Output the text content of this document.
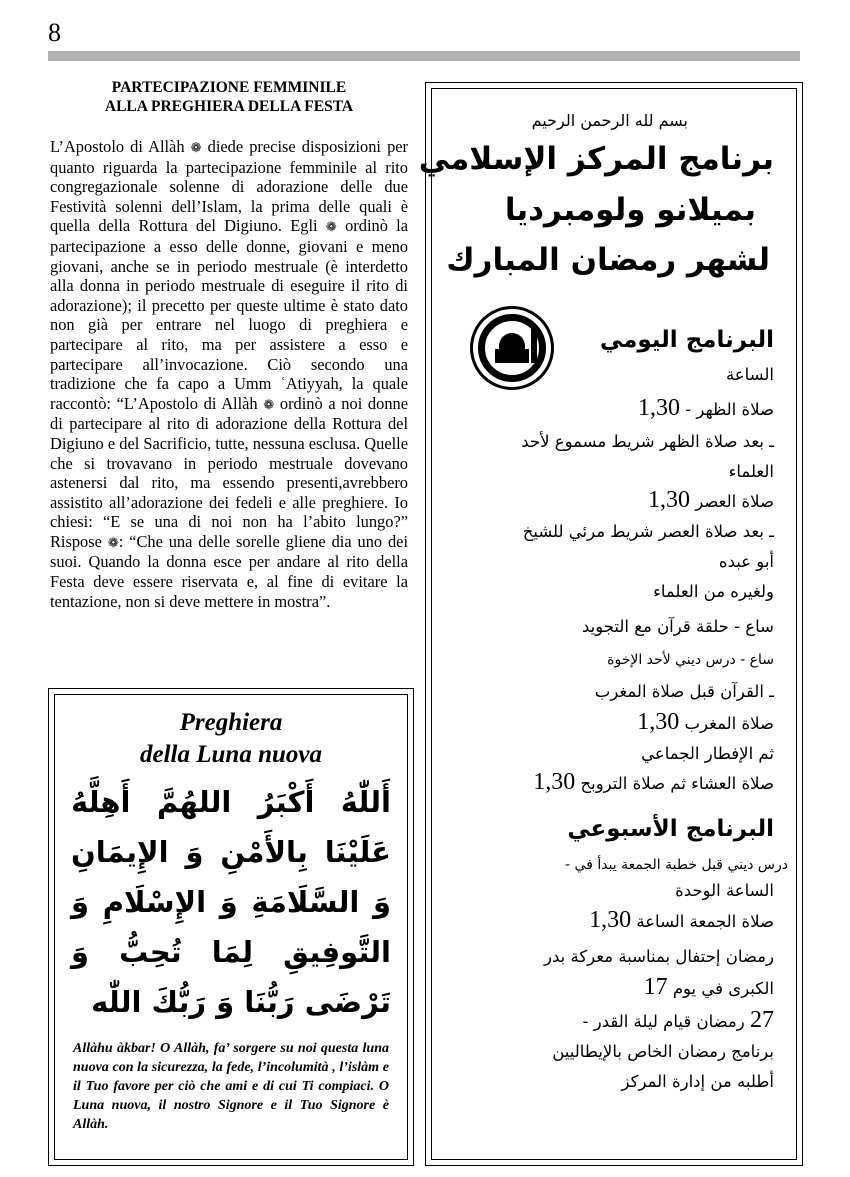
8
PARTECIPAZIONE FEMMINILE
ALLA PREGHIERA DELLA FESTA

L’Apostolo di Allàh ❁ diede precise disposizioni per quanto riguarda la partecipazione femminile al rito congregazionale solenne di adorazione delle due Festività solenni dell’Islam, la prima delle quali è quella della Rottura del Digiuno. Egli ❁ ordinò la partecipazione a esso delle donne, giovani e meno giovani, anche se in periodo mestruale (è interdetto alla donna in periodo mestruale di eseguire il rito di adorazione); il precetto per queste ultime è stato dato non già per entrare nel luogo di preghiera e partecipare al rito, ma per assistere a esso e partecipare all’invocazione. Ciò secondo una tradizione che fa capo a Umm ʿAtiyyah, la quale raccontò: “L’Apostolo di Allàh ❁ ordinò a noi donne di partecipare al rito di adorazione della Rottura del Digiuno e del Sacrificio, tutte, nessuna esclusa. Quelle che si trovavano in periodo mestruale dovevano astenersi dal rito, ma essendo presenti,avrebbero assistito all’adorazione dei fedeli e alle preghiere. Io chiesi: “E se una di noi non ha l’abito lungo?” Rispose ❁: “Che una delle sorelle gliene dia uno dei suoi. Quando la donna esce per andare al rito della Festa deve essere riservata e, al fine di evitare la tentazione, non si deve mettere in mostra”.

Preghiera
della Luna nuova
أَللّٰهُ أَكْبَرُ اللهُمَّ أَهِلَّهُ عَلَيْنَا بِالأَمْنِ وَ الإِيمَانِ وَ السَّلَامَةِ وَ الإِسْلَامِ وَ التَّوفِيقِ لِمَا تُحِبُّ وَ تَرْضَى رَبُّنَا وَ رَبُّكَ اللّٰه
Allàhu àkbar! O Allàh, fa’ sorgere su noi questa luna nuova con la sicurezza, la fede, l’incolumità , l’islàm e il Tuo favore per ciò che ami e di cui Ti compiaci. O Luna nuova, il nostro Signore e il Tuo Signore è Allàh.
بسم لله الرحمن الرحيم
برنامج المركز الإسلامي
بميلانو ولومبرديا
لشهر رمضان المبارك
البرنامج اليومي
الساعة
صلاة الظهر - 1,30
ـ بعد صلاة الظهر شريط مسموع لأحد
العلماء
صلاة العصر 1,30
ـ بعد صلاة العصر شريط مرئي للشيخ
أبو عبده
ولغيره من العلماء
ساع - حلقة قرآن مع التجويد
ساع - درس ديني لأحد الإخوة
ـ القرآن قبل صلاة المغرب
صلاة المغرب 1,30
ثم الإفطار الجماعي
صلاة العشاء ثم صلاة التروبح 1,30
البرنامج الأسبوعي
درس ديني قبل خطبة الجمعة يبدأ في -
الساعة الوحدة
صلاة الجمعة الساعة 1,30
رمضان إحتفال بمناسبة معركة بدر
الكبرى في يوم 17
27 رمضان قيام ليلة القدر -
برنامج رمضان الخاص بالإيطاليين
أطلبه من إدارة المركز
